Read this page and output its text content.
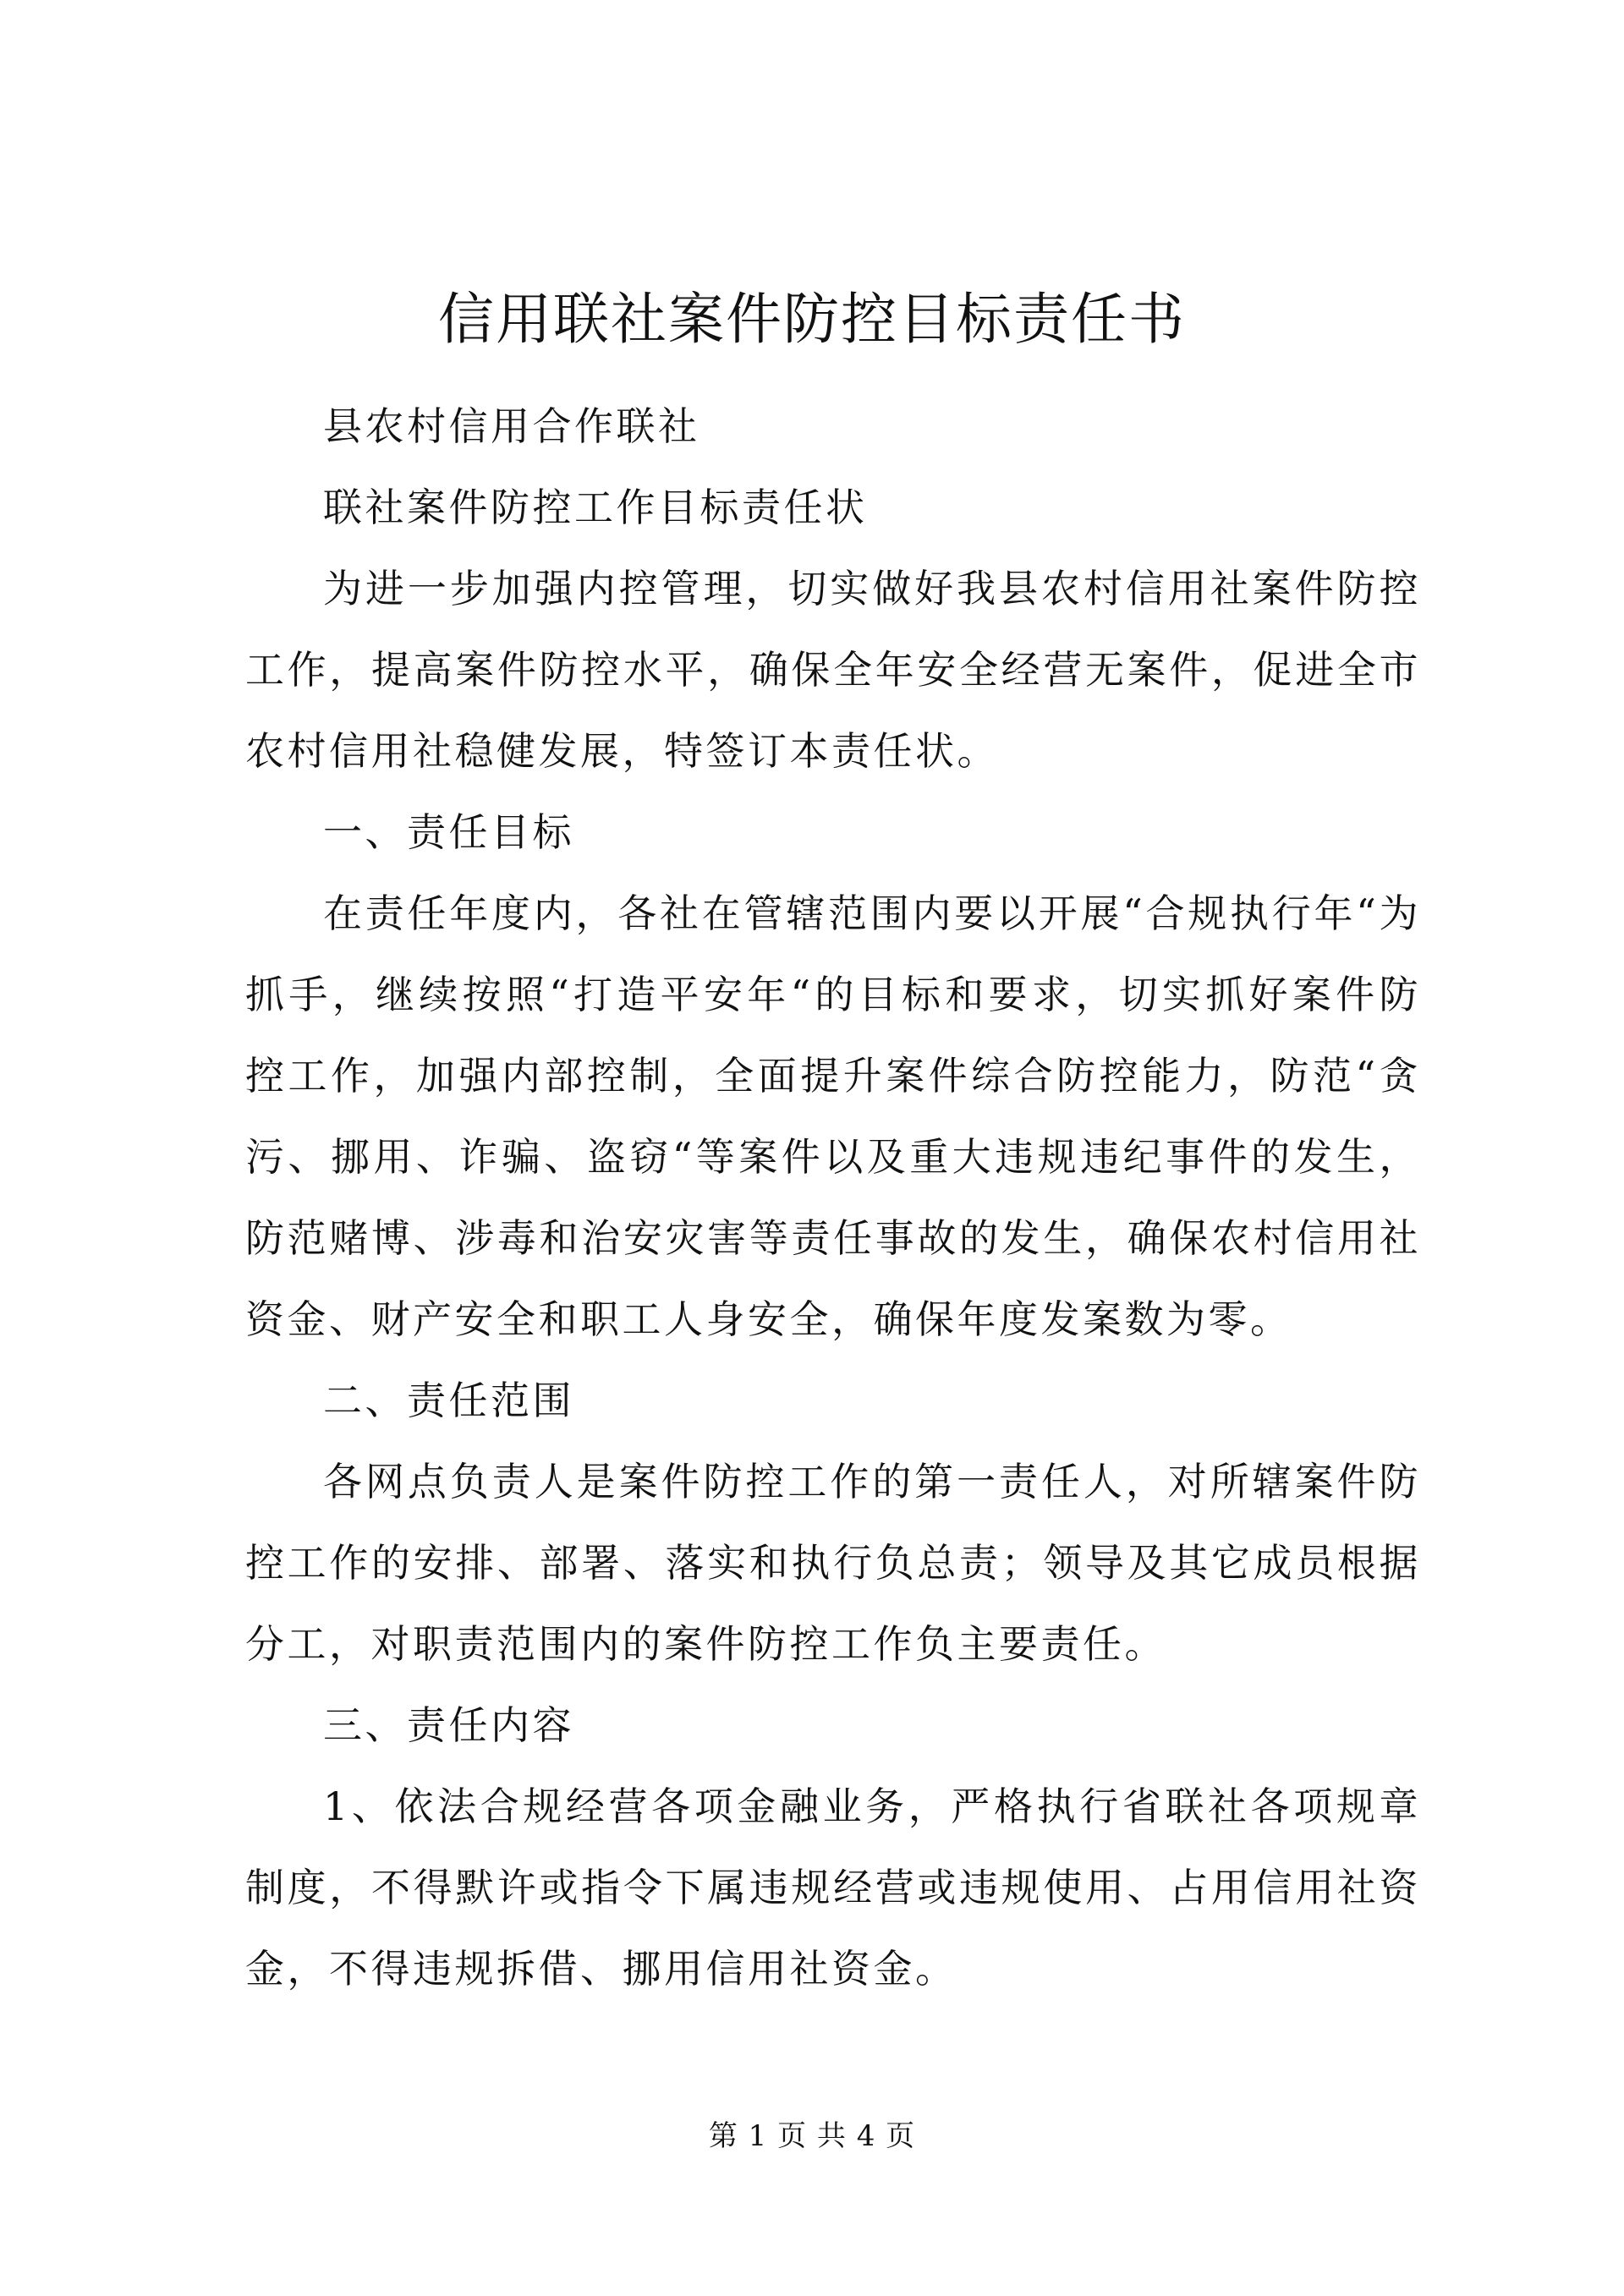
信用联社案件防控目标责任书

县农村信用合作联社

联社案件防控工作目标责任状

为进一步加强内控管理，切实做好我县农村信用社案件防控工作，提高案件防控水平，确保全年安全经营无案件，促进全市农村信用社稳健发展，特签订本责任状。

一、责任目标

在责任年度内，各社在管辖范围内要以开展“合规执行年“为抓手，继续按照“打造平安年“的目标和要求，切实抓好案件防控工作，加强内部控制，全面提升案件综合防控能力，防范“贪污、挪用、诈骗、盗窃“等案件以及重大违规违纪事件的发生，防范赌博、涉毒和治安灾害等责任事故的发生，确保农村信用社资金、财产安全和职工人身安全，确保年度发案数为零。

二、责任范围

各网点负责人是案件防控工作的第一责任人，对所辖案件防控工作的安排、部署、落实和执行负总责；领导及其它成员根据分工，对职责范围内的案件防控工作负主要责任。

三、责任内容

1、依法合规经营各项金融业务，严格执行省联社各项规章制度，不得默许或指令下属违规经营或违规使用、占用信用社资金，不得违规拆借、挪用信用社资金。

第 1 页 共 4 页
